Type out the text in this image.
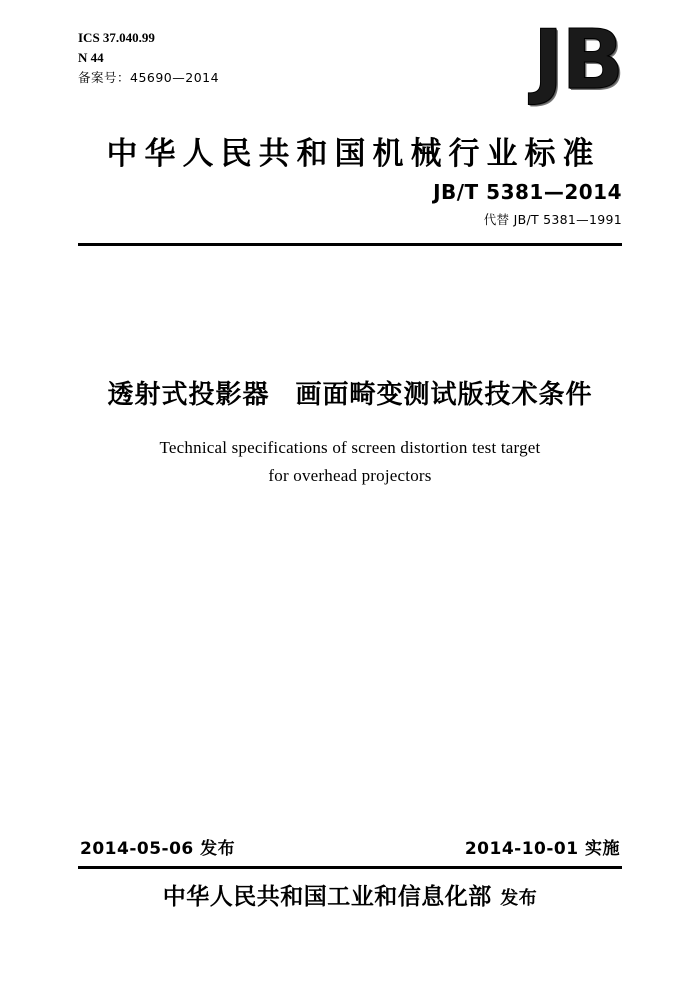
ICS 37.040.99
N 44
备案号：45690—2014	JB
中华人民共和国机械行业标准
JB/T 5381—2014
代替 JB/T 5381—1991
透射式投影器 画面畸变测试版技术条件
Technical specifications of screen distortion test target
for overhead projectors
2014-05-06 发布	2014-10-01 实施
中华人民共和国工业和信息化部 发布
